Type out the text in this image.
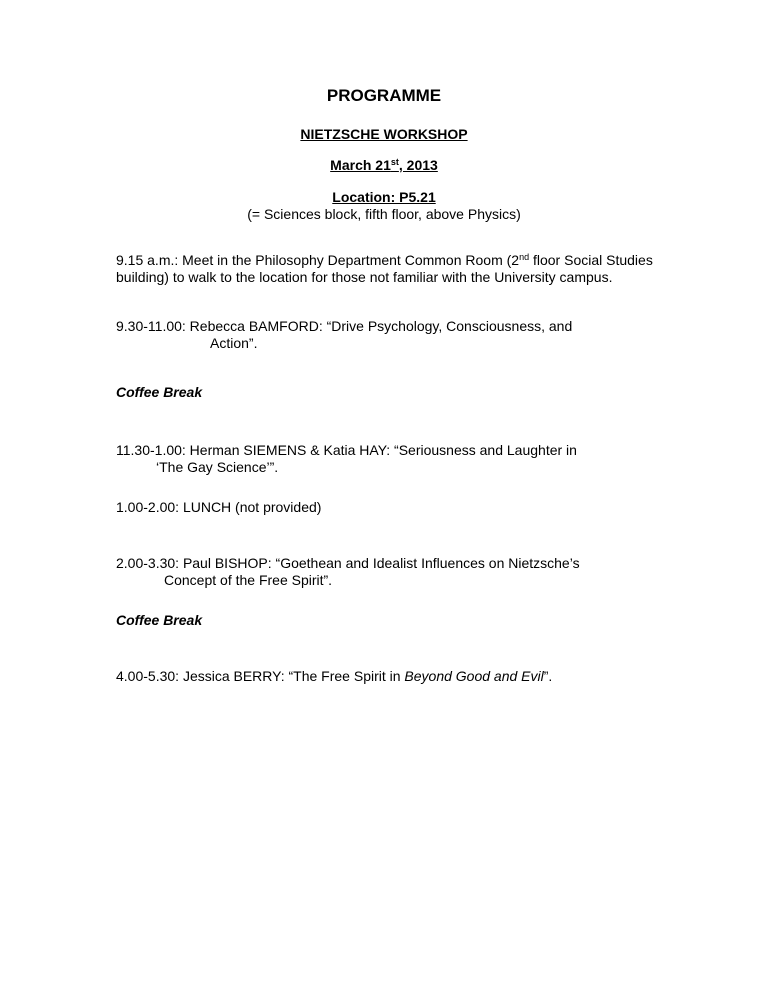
PROGRAMME
NIETZSCHE WORKSHOP
March 21st, 2013
Location: P5.21
(= Sciences block, fifth floor, above Physics)
9.15 a.m.: Meet in the Philosophy Department Common Room (2nd floor Social Studies building) to walk to the location for those not familiar with the University campus.
9.30-11.00: Rebecca BAMFORD: “Drive Psychology, Consciousness, and
Action”.
Coffee Break
11.30-1.00: Herman SIEMENS & Katia HAY: “Seriousness and Laughter in
‘The Gay Science’”.
1.00-2.00: LUNCH (not provided)
2.00-3.30: Paul BISHOP: “Goethean and Idealist Influences on Nietzsche’s
Concept of the Free Spirit”.
Coffee Break
4.00-5.30: Jessica BERRY: “The Free Spirit in Beyond Good and Evil”.
